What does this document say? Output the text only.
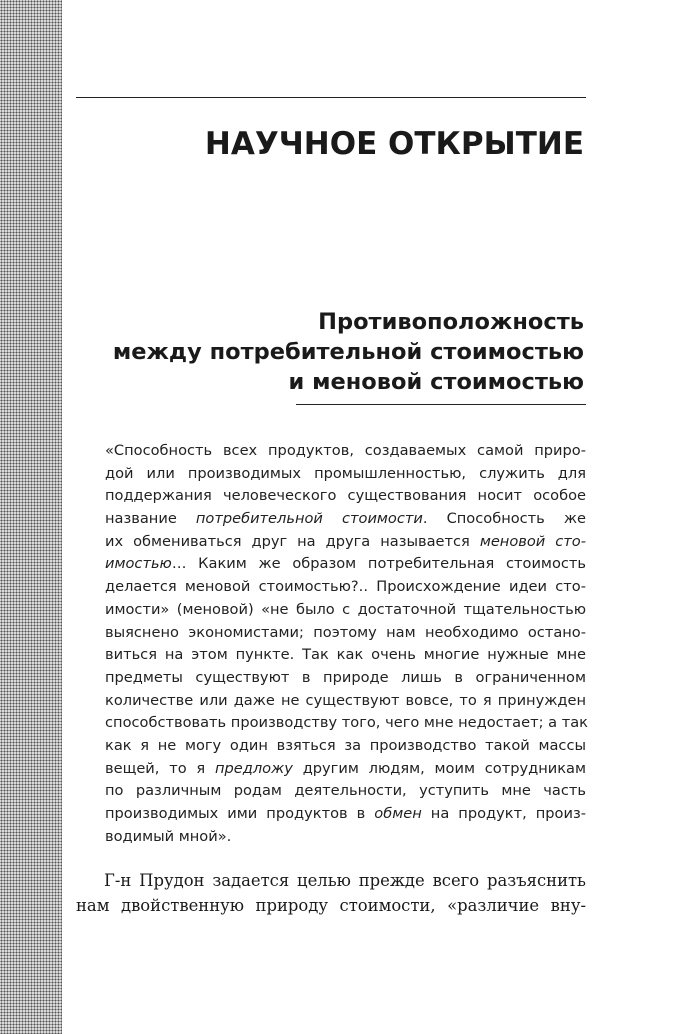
НАУЧНОЕ ОТКРЫТИЕ
Противоположность
между потребительной стоимостью
и меновой стоимостью
«Способность всех продуктов, создаваемых самой приро-
дой или производимых промышленностью, служить для
поддержания человеческого существования носит особое
название потребительной стоимости. Способность же
их обмениваться друг на друга называется меновой сто-
имостью… Каким же образом потребительная стоимость
делается меновой стоимостью?.. Происхождение идеи сто-
имости» (меновой) «не было с достаточной тщательностью
выяснено экономистами; поэтому нам необходимо остано-
виться на этом пункте. Так как очень многие нужные мне
предметы существуют в природе лишь в ограниченном
количестве или даже не существуют вовсе, то я принужден
способствовать производству того, чего мне недостает; а так
как я не могу один взяться за производство такой массы
вещей, то я предложу другим людям, моим сотрудникам
по различным родам деятельности, уступить мне часть
производимых ими продуктов в обмен на продукт, произ-
водимый мной».
Г-н Прудон задается целью прежде всего разъяснить
нам двойственную природу стоимости, «различие вну-
